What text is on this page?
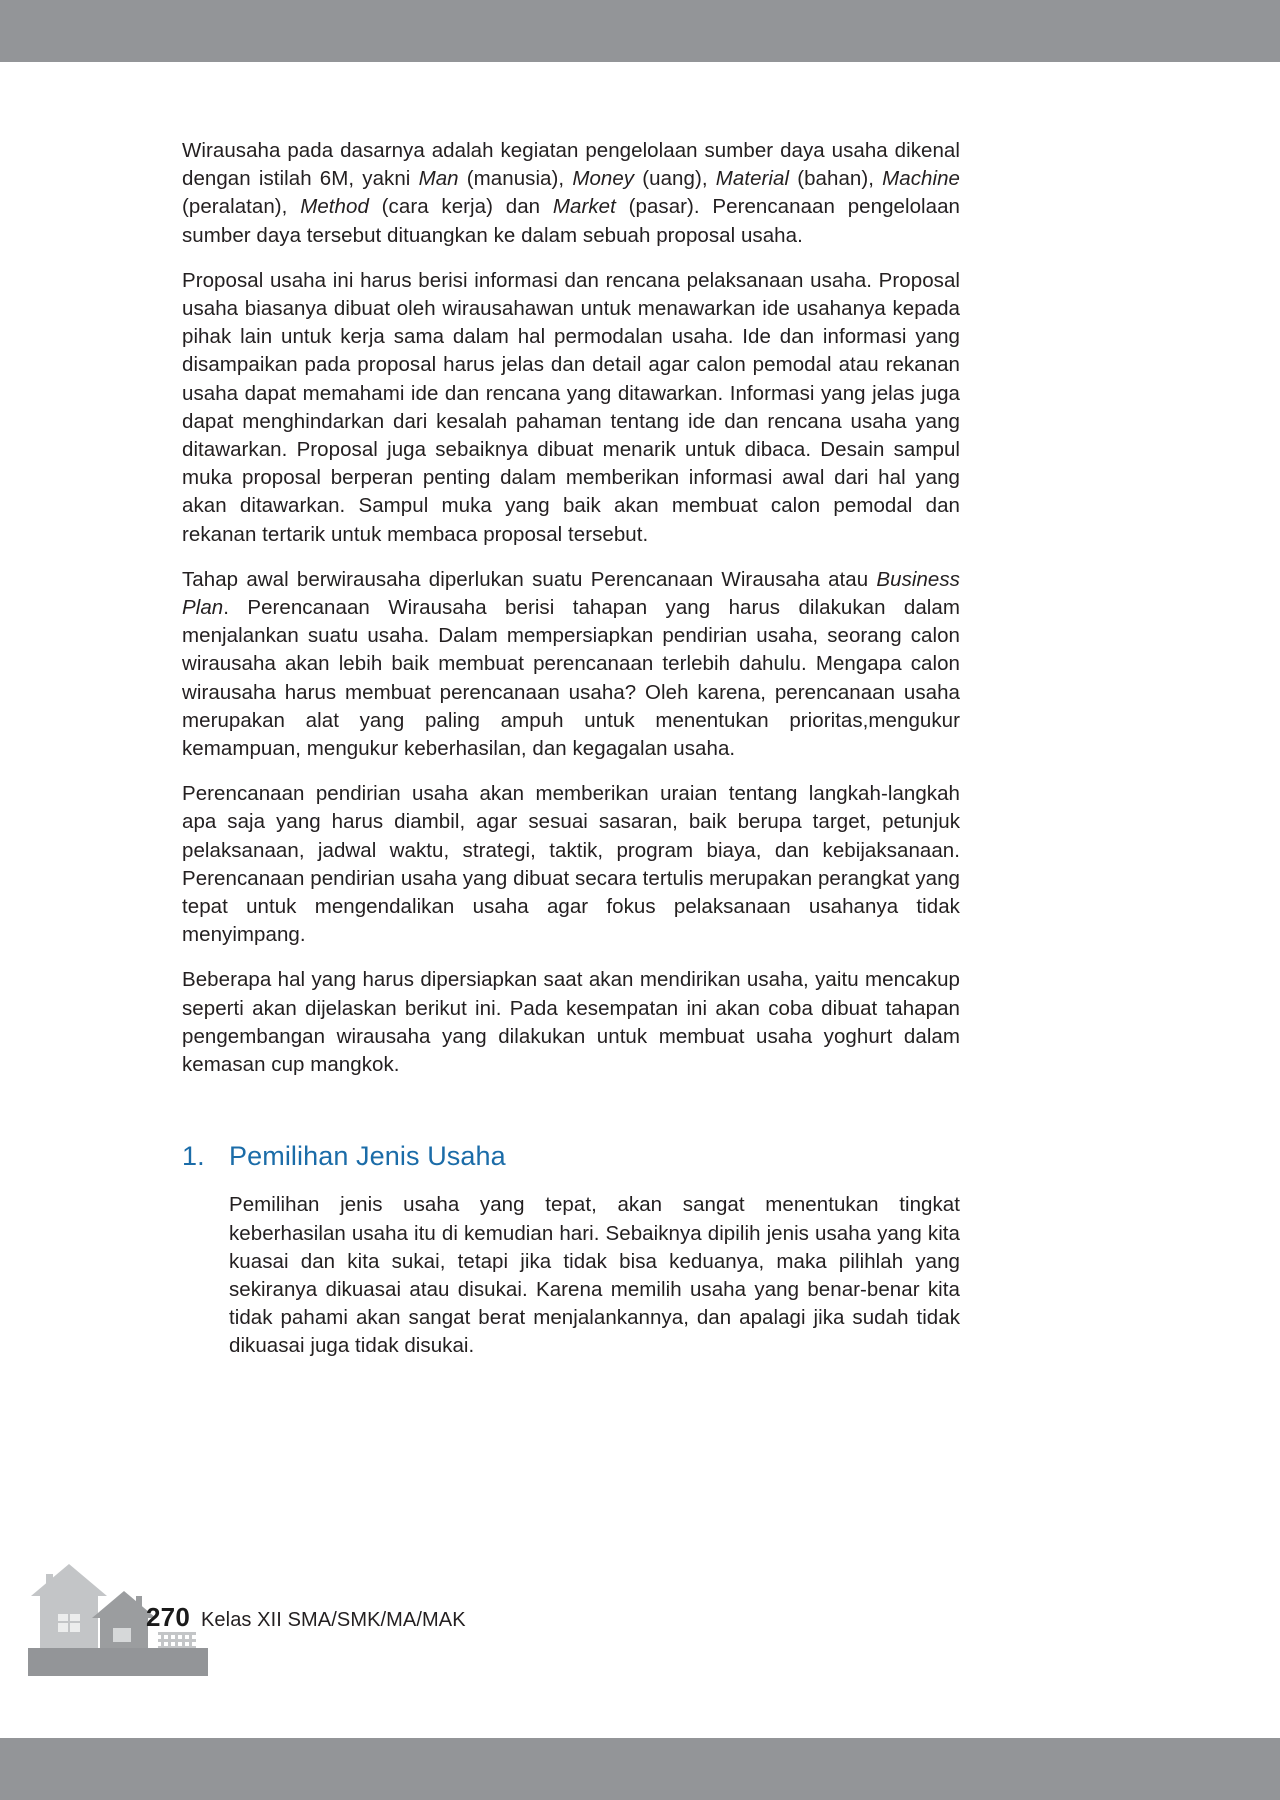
Wirausaha pada dasarnya adalah kegiatan pengelolaan sumber daya usaha dikenal dengan istilah 6M, yakni Man (manusia), Money (uang), Material (bahan), Machine (peralatan), Method (cara kerja) dan Market (pasar). Perencanaan pengelolaan sumber daya tersebut dituangkan ke dalam sebuah proposal usaha.

Proposal usaha ini harus berisi informasi dan rencana pelaksanaan usaha. Proposal usaha biasanya dibuat oleh wirausahawan untuk menawarkan ide usahanya kepada pihak lain untuk kerja sama dalam hal permodalan usaha. Ide dan informasi yang disampaikan pada proposal harus jelas dan detail agar calon pemodal atau rekanan usaha dapat memahami ide dan rencana yang ditawarkan. Informasi yang jelas juga dapat menghindarkan dari kesalah pahaman tentang ide dan rencana usaha yang ditawarkan. Proposal juga sebaiknya dibuat menarik untuk dibaca. Desain sampul muka proposal berperan penting dalam memberikan informasi awal dari hal yang akan ditawarkan. Sampul muka yang baik akan membuat calon pemodal dan rekanan tertarik untuk membaca proposal tersebut.

Tahap awal berwirausaha diperlukan suatu Perencanaan Wirausaha atau Business Plan. Perencanaan Wirausaha berisi tahapan yang harus dilakukan dalam menjalankan suatu usaha. Dalam mempersiapkan pendirian usaha, seorang calon wirausaha akan lebih baik membuat perencanaan terlebih dahulu. Mengapa calon wirausaha harus membuat perencanaan usaha? Oleh karena, perencanaan usaha merupakan alat yang paling ampuh untuk menentukan prioritas,mengukur kemampuan, mengukur keberhasilan, dan kegagalan usaha.

Perencanaan pendirian usaha akan memberikan uraian tentang langkah-langkah apa saja yang harus diambil, agar sesuai sasaran, baik berupa target, petunjuk pelaksanaan, jadwal waktu, strategi, taktik, program biaya, dan kebijaksanaan. Perencanaan pendirian usaha yang dibuat secara tertulis merupakan perangkat yang tepat untuk mengendalikan usaha agar fokus pelaksanaan usahanya tidak menyimpang.

Beberapa hal yang harus dipersiapkan saat akan mendirikan usaha, yaitu mencakup seperti akan dijelaskan berikut ini. Pada kesempatan ini akan coba dibuat tahapan pengembangan wirausaha yang dilakukan untuk membuat usaha yoghurt dalam kemasan cup mangkok.

1. Pemilihan Jenis Usaha

Pemilihan jenis usaha yang tepat, akan sangat menentukan tingkat keberhasilan usaha itu di kemudian hari. Sebaiknya dipilih jenis usaha yang kita kuasai dan kita sukai, tetapi jika tidak bisa keduanya, maka pilihlah yang sekiranya dikuasai atau disukai. Karena memilih usaha yang benar-benar kita tidak pahami akan sangat berat menjalankannya, dan apalagi jika sudah tidak dikuasai juga tidak disukai.

270 Kelas XII SMA/SMK/MA/MAK
